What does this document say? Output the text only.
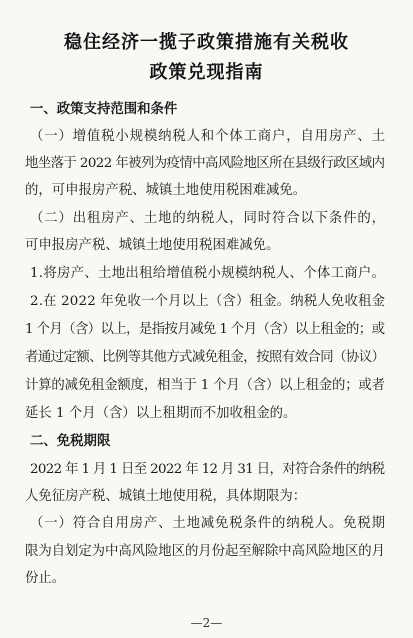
稳住经济一揽子政策措施有关税收
政策兑现指南
一、政策支持范围和条件
（一）增值税小规模纳税人和个体工商户，自用房产、土
地坐落于 2022 年被列为疫情中高风险地区所在县级行政区域内
的，可申报房产税、城镇土地使用税困难减免。
（二）出租房产、土地的纳税人，同时符合以下条件的，
可申报房产税、城镇土地使用税困难减免。
1.将房产、土地出租给增值税小规模纳税人、个体工商户。
2.在 2022 年免收一个月以上（含）租金。纳税人免收租金
1 个月（含）以上，是指按月减免 1 个月（含）以上租金的；或
者通过定额、比例等其他方式减免租金，按照有效合同（协议）
计算的减免租金额度，相当于 1 个月（含）以上租金的；或者
延长 1 个月（含）以上租期而不加收租金的。
二、免税期限
2022 年 1 月 1 日至 2022 年 12 月 31 日，对符合条件的纳税
人免征房产税、城镇土地使用税，具体期限为：
（一）符合自用房产、土地减免税条件的纳税人。免税期
限为自划定为中高风险地区的月份起至解除中高风险地区的月
份止。
—2—
